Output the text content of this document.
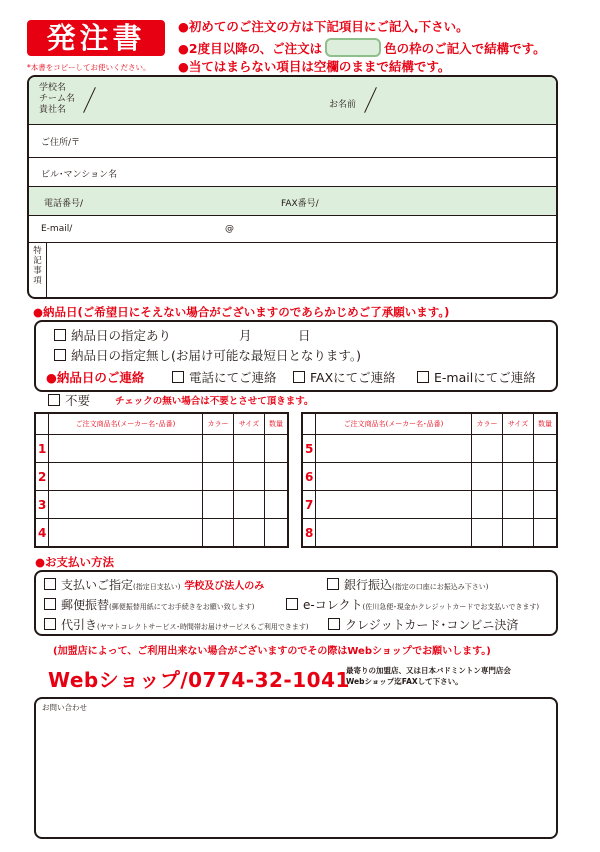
発注書	●初めてのご注文の方は下記項目にご記入,下さい。
●2度目以降の、ご注文は	色の枠のご記入で結構です。
●当てはまらない項目は空欄のままで結構です。
*本書をコピーしてお使いください。
学校名
チーム名
貴社名	お名前
ご住所/〒
ビル･マンション名
電話番号/	FAX番号/
E-mail/	@
特
記
事
項
●納品日(ご希望日にそえない場合がございますのであらかじめご了承願います。)
納品日の指定あり	月	日
納品日の指定無し(お届け可能な最短日となります。)
●納品日のご連絡	電話にてご連絡	FAXにてご連絡	E-mailにてご連絡
不要	チェックの無い場合は不要とさせて頂きます。
	ご注文商品名(メーカー名･品番)	カラー	サイズ	数量
1				
2				
3				
4				
	ご注文商品名(メーカー名･品番)	カラー	サイズ	数量
5				
6				
7				
8				
●お支払い方法
支払いご指定(指定日支払い) 学校及び法人のみ	銀行振込(指定の口座にお振込み下さい)
郵便振替(郵便振替用紙にてお手続きをお願い致します)	e-コレクト(佐川急便･現金かクレジットカードでお支払いできます)
代引き(ヤマトコレクトサービス･時間帯お届けサービスもご利用できます)	クレジットカード･コンビニ決済
(加盟店によって、ご利用出来ない場合がございますのでその際はWebショップでお願いします。)
Webショップ/0774-32-1041
最寄りの加盟店、又は日本バドミントン専門店会
Webショップ迄FAXして下さい。
お問い合わせ
